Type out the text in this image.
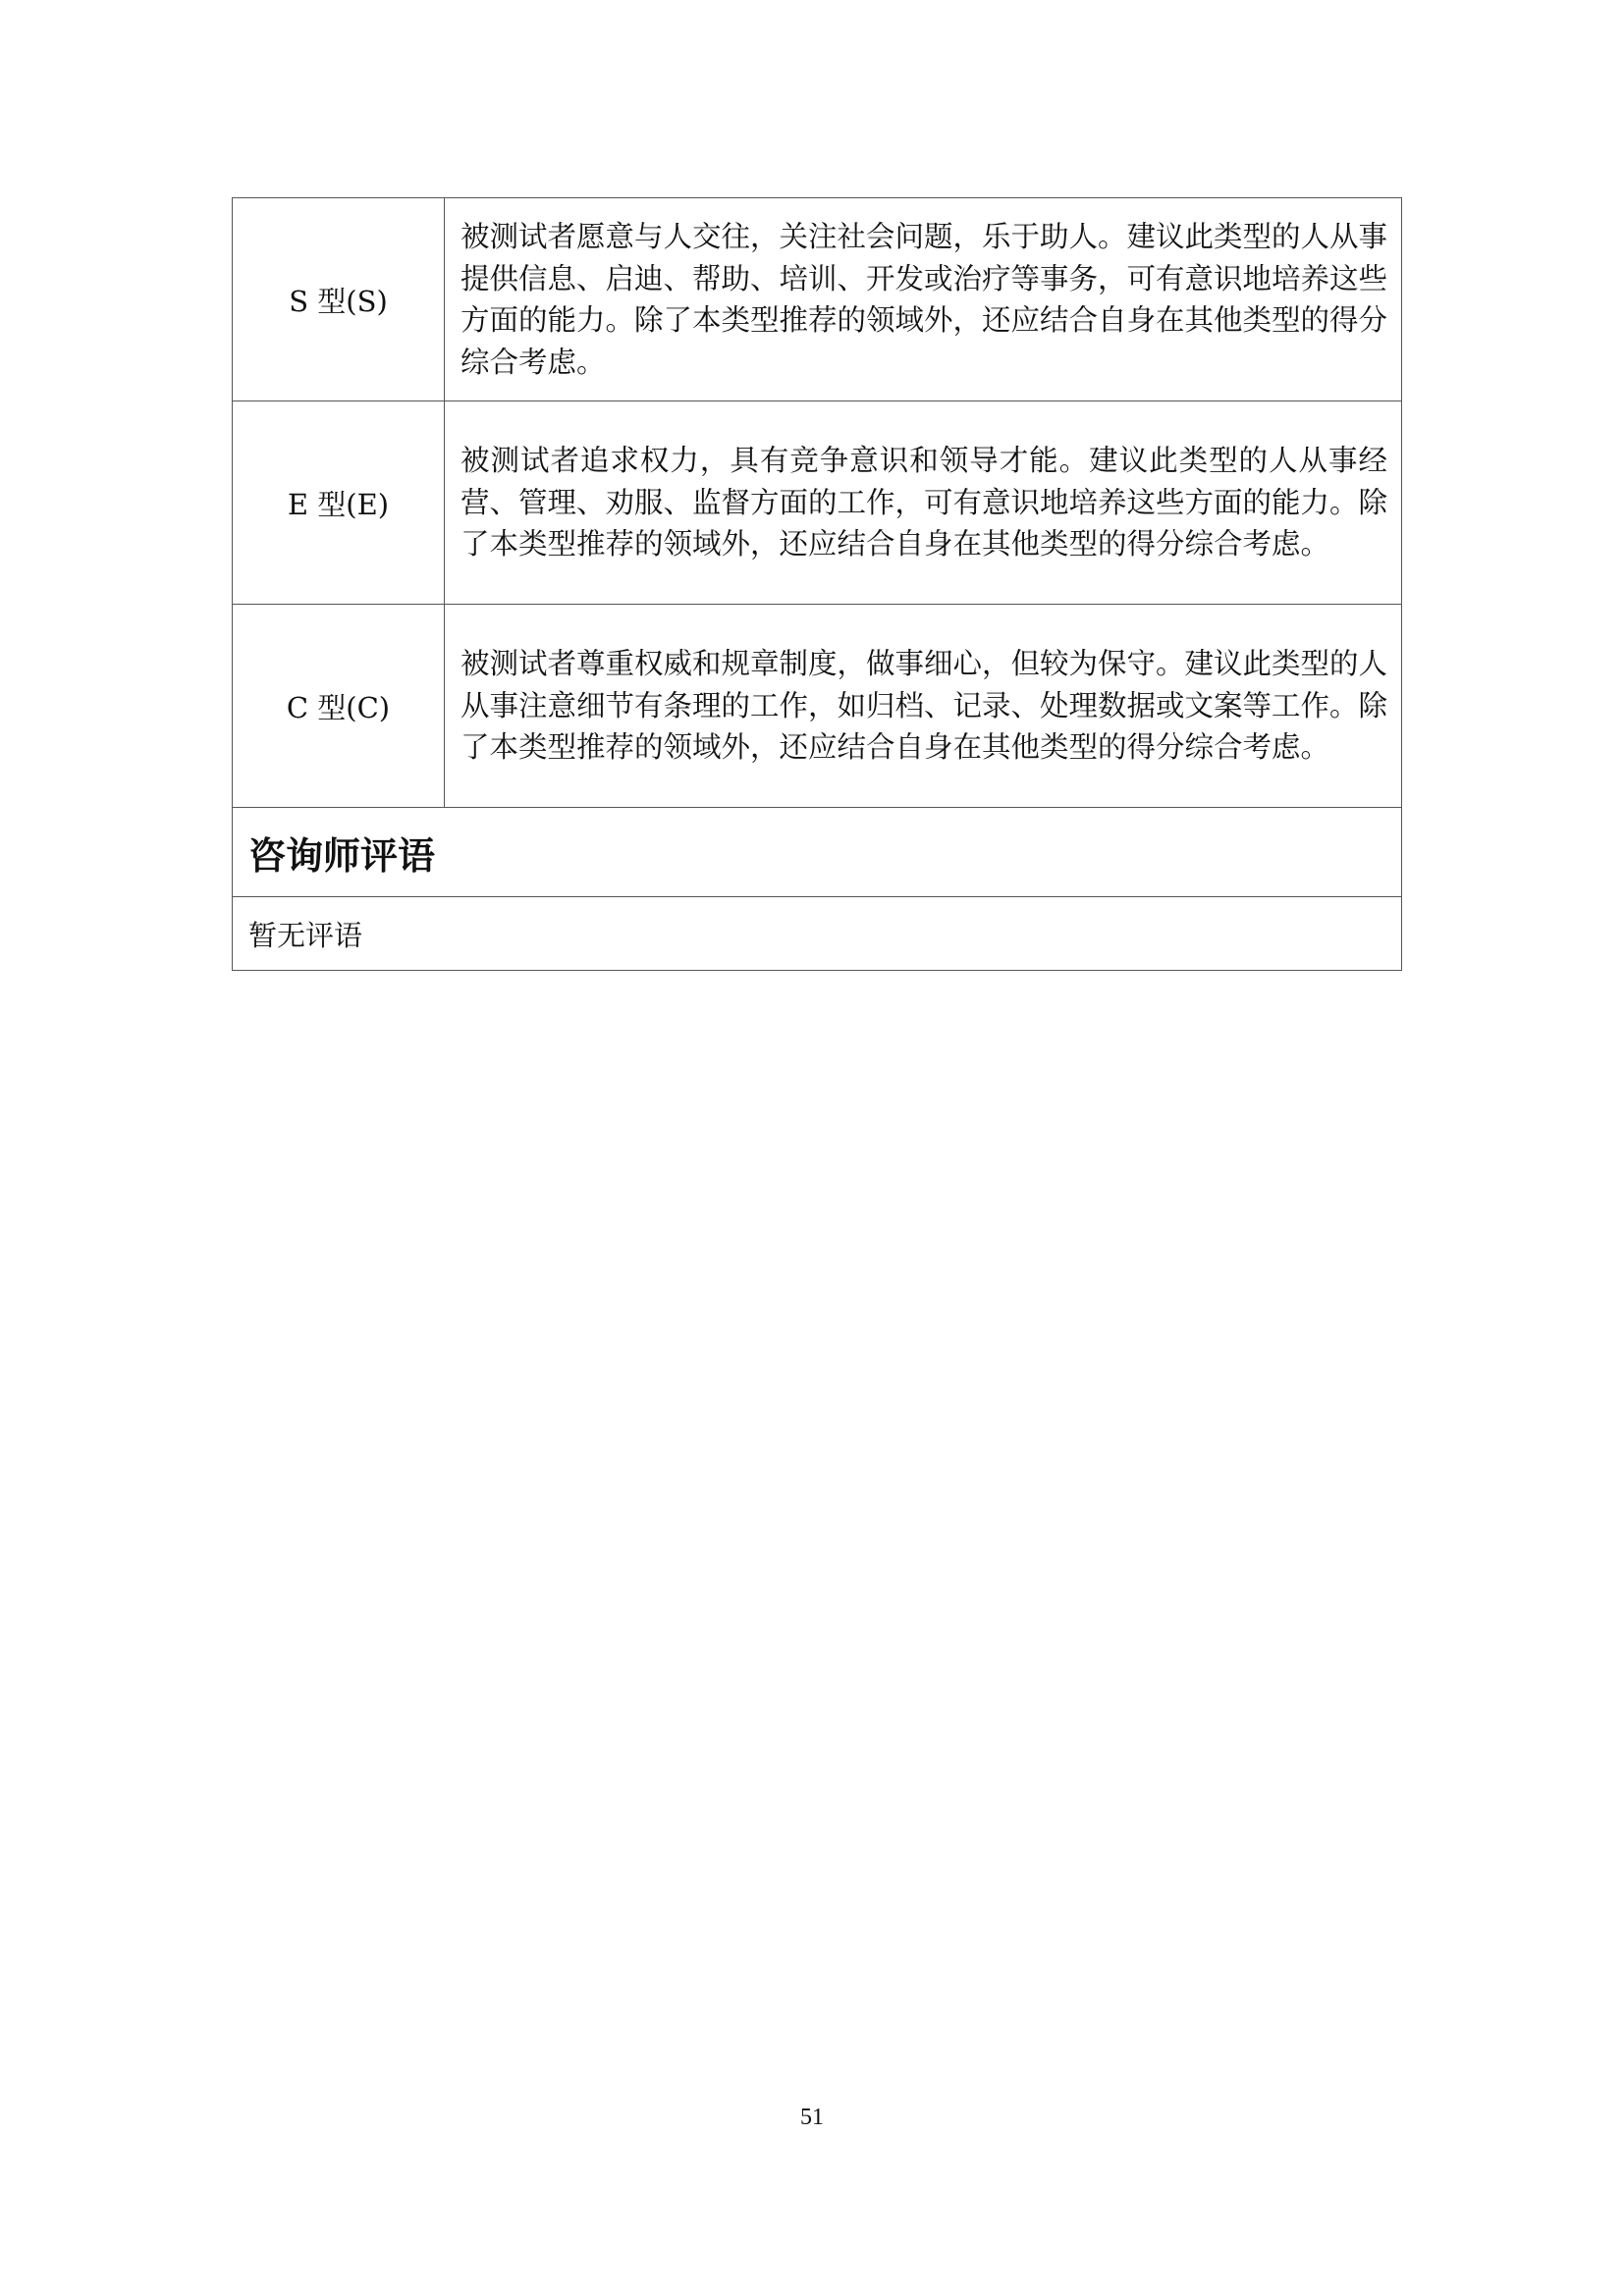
S 型(S)	被测试者愿意与人交往，关注社会问题，乐于助人。建议此类型的人从事提供信息、启迪、帮助、培训、开发或治疗等事务，可有意识地培养这些方面的能力。除了本类型推荐的领域外，还应结合自身在其他类型的得分综合考虑。
E 型(E)	被测试者追求权力，具有竞争意识和领导才能。建议此类型的人从事经营、管理、劝服、监督方面的工作，可有意识地培养这些方面的能力。除了本类型推荐的领域外，还应结合自身在其他类型的得分综合考虑。
C 型(C)	被测试者尊重权威和规章制度，做事细心，但较为保守。建议此类型的人从事注意细节有条理的工作，如归档、记录、处理数据或文案等工作。除了本类型推荐的领域外，还应结合自身在其他类型的得分综合考虑。
咨询师评语	
暂无评语	
51
